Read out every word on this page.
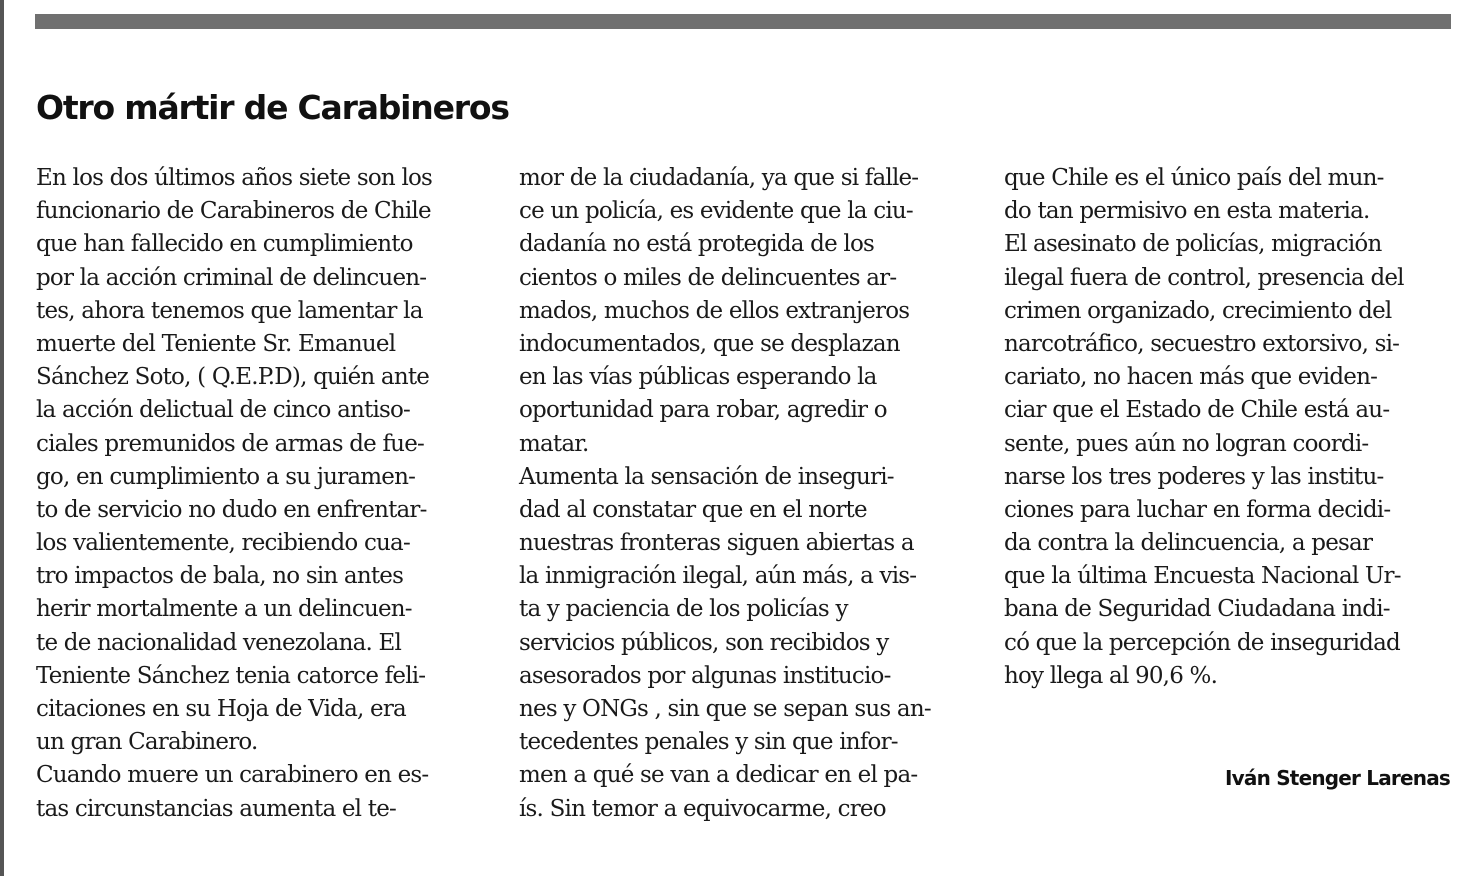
Otro mártir de Carabineros
En los dos últimos años siete son los
funcionario de Carabineros de Chile
que han fallecido en cumplimiento
por la acción criminal de delincuen-
tes, ahora tenemos que lamentar la
muerte del Teniente Sr. Emanuel
Sánchez Soto, ( Q.E.P.D), quién ante
la acción delictual de cinco antiso-
ciales premunidos de armas de fue-
go, en cumplimiento a su juramen-
to de servicio no dudo en enfrentar-
los valientemente, recibiendo cua-
tro impactos de bala, no sin antes
herir mortalmente a un delincuen-
te de nacionalidad venezolana. El
Teniente Sánchez tenia catorce feli-
citaciones en su Hoja de Vida, era
un gran Carabinero.
Cuando muere un carabinero en es-
tas circunstancias aumenta el te-
mor de la ciudadanía, ya que si falle-
ce un policía, es evidente que la ciu-
dadanía no está protegida de los
cientos o miles de delincuentes ar-
mados, muchos de ellos extranjeros
indocumentados, que se desplazan
en las vías públicas esperando la
oportunidad para robar, agredir o
matar.
Aumenta la sensación de inseguri-
dad al constatar que en el norte
nuestras fronteras siguen abiertas a
la inmigración ilegal, aún más, a vis-
ta y paciencia de los policías y
servicios públicos, son recibidos y
asesorados por algunas institucio-
nes y ONGs , sin que se sepan sus an-
tecedentes penales y sin que infor-
men a qué se van a dedicar en el pa-
ís. Sin temor a equivocarme, creo
que Chile es el único país del mun-
do tan permisivo en esta materia.
El asesinato de policías, migración
ilegal fuera de control, presencia del
crimen organizado, crecimiento del
narcotráfico, secuestro extorsivo, si-
cariato, no hacen más que eviden-
ciar que el Estado de Chile está au-
sente, pues aún no logran coordi-
narse los tres poderes y las institu-
ciones para luchar en forma decidi-
da contra la delincuencia, a pesar
que la última Encuesta Nacional Ur-
bana de Seguridad Ciudadana indi-
có que la percepción de inseguridad
hoy llega al 90,6 %.
Iván Stenger Larenas
